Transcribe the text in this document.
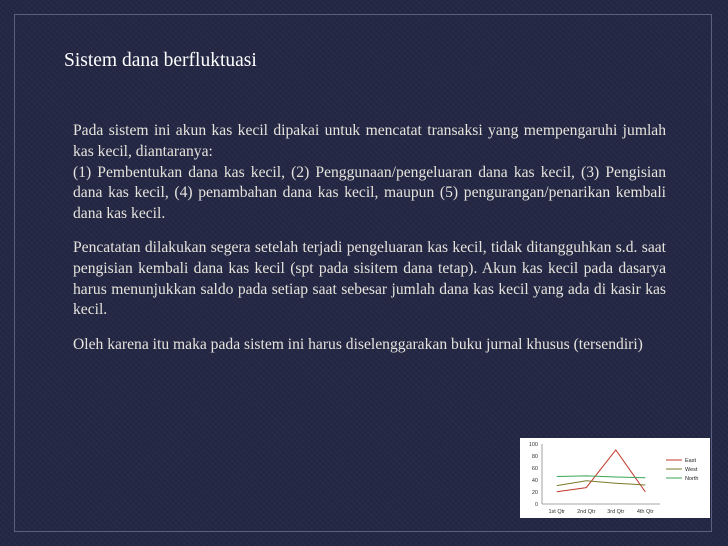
Sistem dana berfluktuasi

Pada sistem ini akun kas kecil dipakai untuk mencatat transaksi yang mempengaruhi jumlah kas kecil, diantaranya:

(1) Pembentukan dana kas kecil, (2) Penggunaan/pengeluaran dana kas kecil, (3) Pengisian dana kas kecil, (4) penambahan dana kas kecil, maupun (5) pengurangan/penarikan kembali dana kas kecil.

Pencatatan dilakukan segera setelah terjadi pengeluaran kas kecil, tidak ditangguhkan s.d. saat pengisian kembali dana kas kecil (spt pada sisitem dana tetap). Akun kas kecil pada dasarya harus menunjukkan saldo pada setiap saat sebesar jumlah dana kas kecil yang ada di kasir kas kecil.

Oleh karena itu maka pada sistem ini harus diselenggarakan buku jurnal khusus (tersendiri)

0
20
40
60
80
100
1st Qtr 2nd Qtr 3rd Qtr 4th Qtr
East
West
North
